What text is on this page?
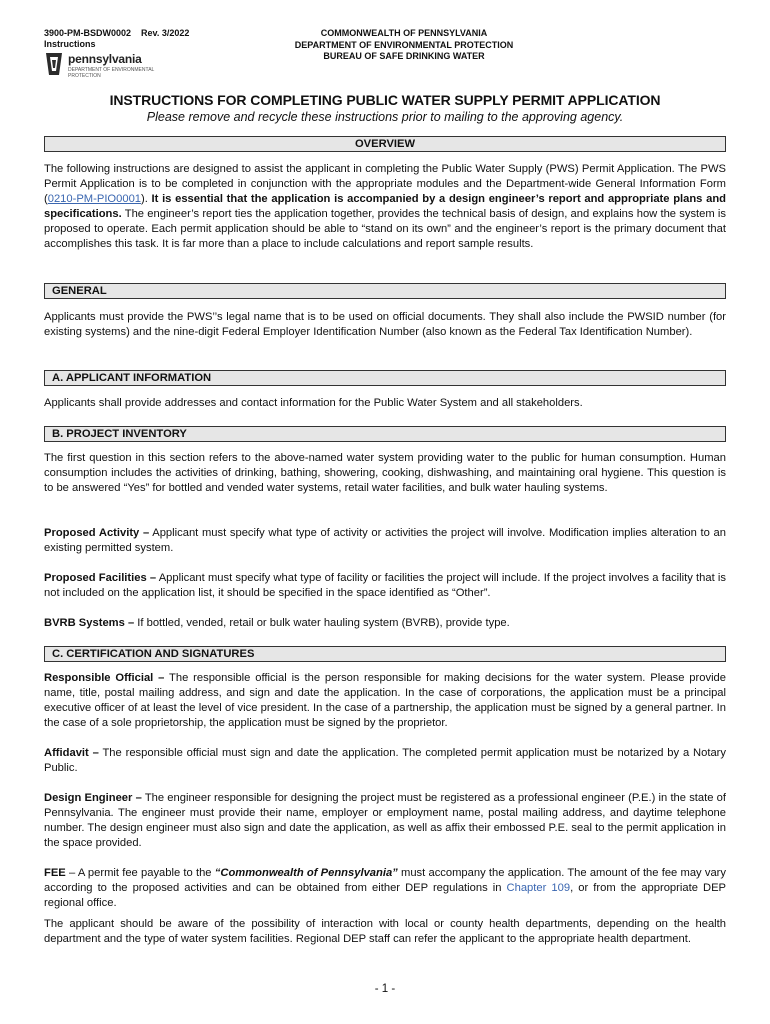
3900-PM-BSDW0002 Rev. 3/2022
Instructions
pennsylvania
DEPARTMENT OF ENVIRONMENTAL PROTECTION
COMMONWEALTH OF PENNSYLVANIA
DEPARTMENT OF ENVIRONMENTAL PROTECTION
BUREAU OF SAFE DRINKING WATER
INSTRUCTIONS FOR COMPLETING PUBLIC WATER SUPPLY PERMIT APPLICATION
Please remove and recycle these instructions prior to mailing to the approving agency.
OVERVIEW
The following instructions are designed to assist the applicant in completing the Public Water Supply (PWS) Permit Application. The PWS Permit Application is to be completed in conjunction with the appropriate modules and the Department-wide General Information Form (0210-PM-PIO0001). It is essential that the application is accompanied by a design engineer’s report and appropriate plans and specifications. The engineer’s report ties the application together, provides the technical basis of design, and explains how the system is proposed to operate. Each permit application should be able to “stand on its own” and the engineer’s report is the primary document that accomplishes this task. It is far more than a place to include calculations and report sample results.
GENERAL
Applicants must provide the PWS’’s legal name that is to be used on official documents. They shall also include the PWSID number (for existing systems) and the nine-digit Federal Employer Identification Number (also known as the Federal Tax Identification Number).
A. APPLICANT INFORMATION
Applicants shall provide addresses and contact information for the Public Water System and all stakeholders.
B. PROJECT INVENTORY
The first question in this section refers to the above-named water system providing water to the public for human consumption. Human consumption includes the activities of drinking, bathing, showering, cooking, dishwashing, and maintaining oral hygiene. This question is to be answered “Yes” for bottled and vended water systems, retail water facilities, and bulk water hauling systems.
Proposed Activity – Applicant must specify what type of activity or activities the project will involve. Modification implies alteration to an existing permitted system.
Proposed Facilities – Applicant must specify what type of facility or facilities the project will include. If the project involves a facility that is not included on the application list, it should be specified in the space identified as “Other”.
BVRB Systems – If bottled, vended, retail or bulk water hauling system (BVRB), provide type.
C. CERTIFICATION AND SIGNATURES
Responsible Official – The responsible official is the person responsible for making decisions for the water system. Please provide name, title, postal mailing address, and sign and date the application. In the case of corporations, the application must be a principal executive officer of at least the level of vice president. In the case of a partnership, the application must be signed by a general partner. In the case of a sole proprietorship, the application must be signed by the proprietor.
Affidavit – The responsible official must sign and date the application. The completed permit application must be notarized by a Notary Public.
Design Engineer – The engineer responsible for designing the project must be registered as a professional engineer (P.E.) in the state of Pennsylvania. The engineer must provide their name, employer or employment name, postal mailing address, and daytime telephone number. The design engineer must also sign and date the application, as well as affix their embossed P.E. seal to the permit application in the space provided.
FEE – A permit fee payable to the “Commonwealth of Pennsylvania” must accompany the application. The amount of the fee may vary according to the proposed activities and can be obtained from either DEP regulations in Chapter 109, or from the appropriate DEP regional office.
The applicant should be aware of the possibility of interaction with local or county health departments, depending on the health department and the type of water system facilities. Regional DEP staff can refer the applicant to the appropriate health department.
- 1 -
